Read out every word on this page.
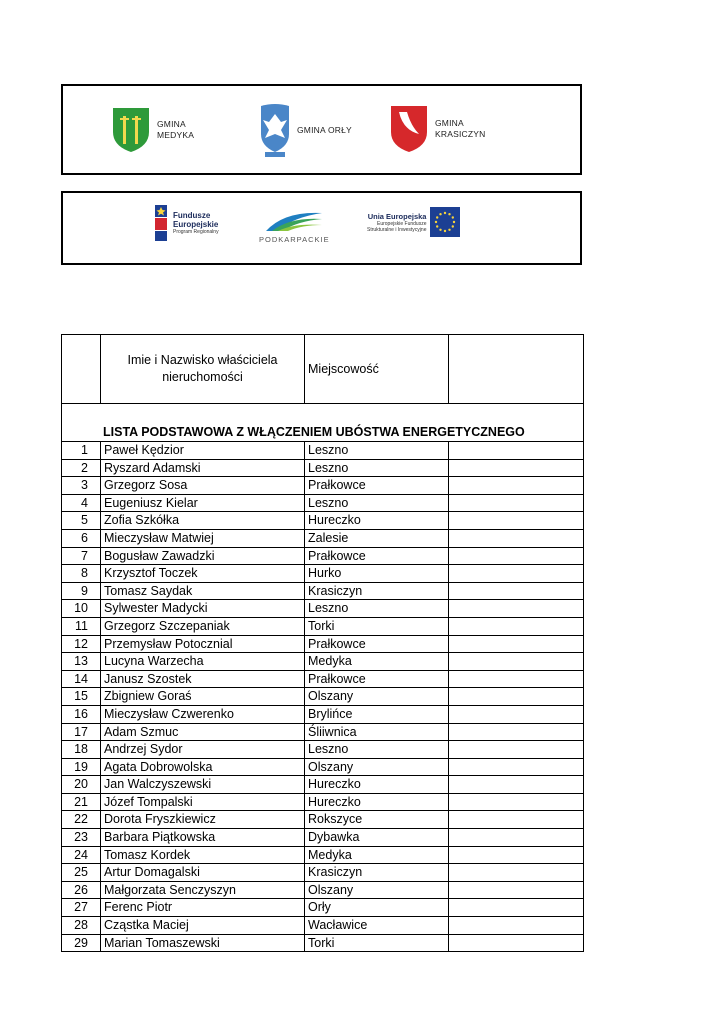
GMINA
MEDYKA
GMINA ORŁY
GMINA
KRASICZYN
Fundusze
Europejskie
Program Regionalny
PODKARPACKIE
Unia Europejska
Europejskie Fundusze
Strukturalne i Inwestycyjne
	Imie i Nazwisko właściciela nieruchomości	Miejscowość	
LISTA PODSTAWOWA Z WŁĄCZENIEM UBÓSTWA ENERGETYCZNEGO			
1	Paweł Kędzior	Leszno	
2	Ryszard Adamski	Leszno	
3	Grzegorz Sosa	Prałkowce	
4	Eugeniusz Kielar	Leszno	
5	Zofia Szkółka	Hureczko	
6	Mieczysław Matwiej	Zalesie	
7	Bogusław Zawadzki	Prałkowce	
8	Krzysztof Toczek	Hurko	
9	Tomasz Saydak	Krasiczyn	
10	Sylwester Madycki	Leszno	
11	Grzegorz Szczepaniak	Torki	
12	Przemysław Potocznial	Prałkowce	
13	Lucyna Warzecha	Medyka	
14	Janusz Szostek	Prałkowce	
15	Zbigniew Goraś	Olszany	
16	Mieczysław Czwerenko	Brylińce	
17	Adam Szmuc	Śliiwnica	
18	Andrzej Sydor	Leszno	
19	Agata Dobrowolska	Olszany	
20	Jan Walczyszewski	Hureczko	
21	Józef Tompalski	Hureczko	
22	Dorota Fryszkiewicz	Rokszyce	
23	Barbara Piątkowska	Dybawka	
24	Tomasz Kordek	Medyka	
25	Artur Domagalski	Krasiczyn	
26	Małgorzata Senczyszyn	Olszany	
27	Ferenc Piotr	Orły	
28	Cząstka Maciej	Wacławice	
29	Marian Tomaszewski	Torki	
